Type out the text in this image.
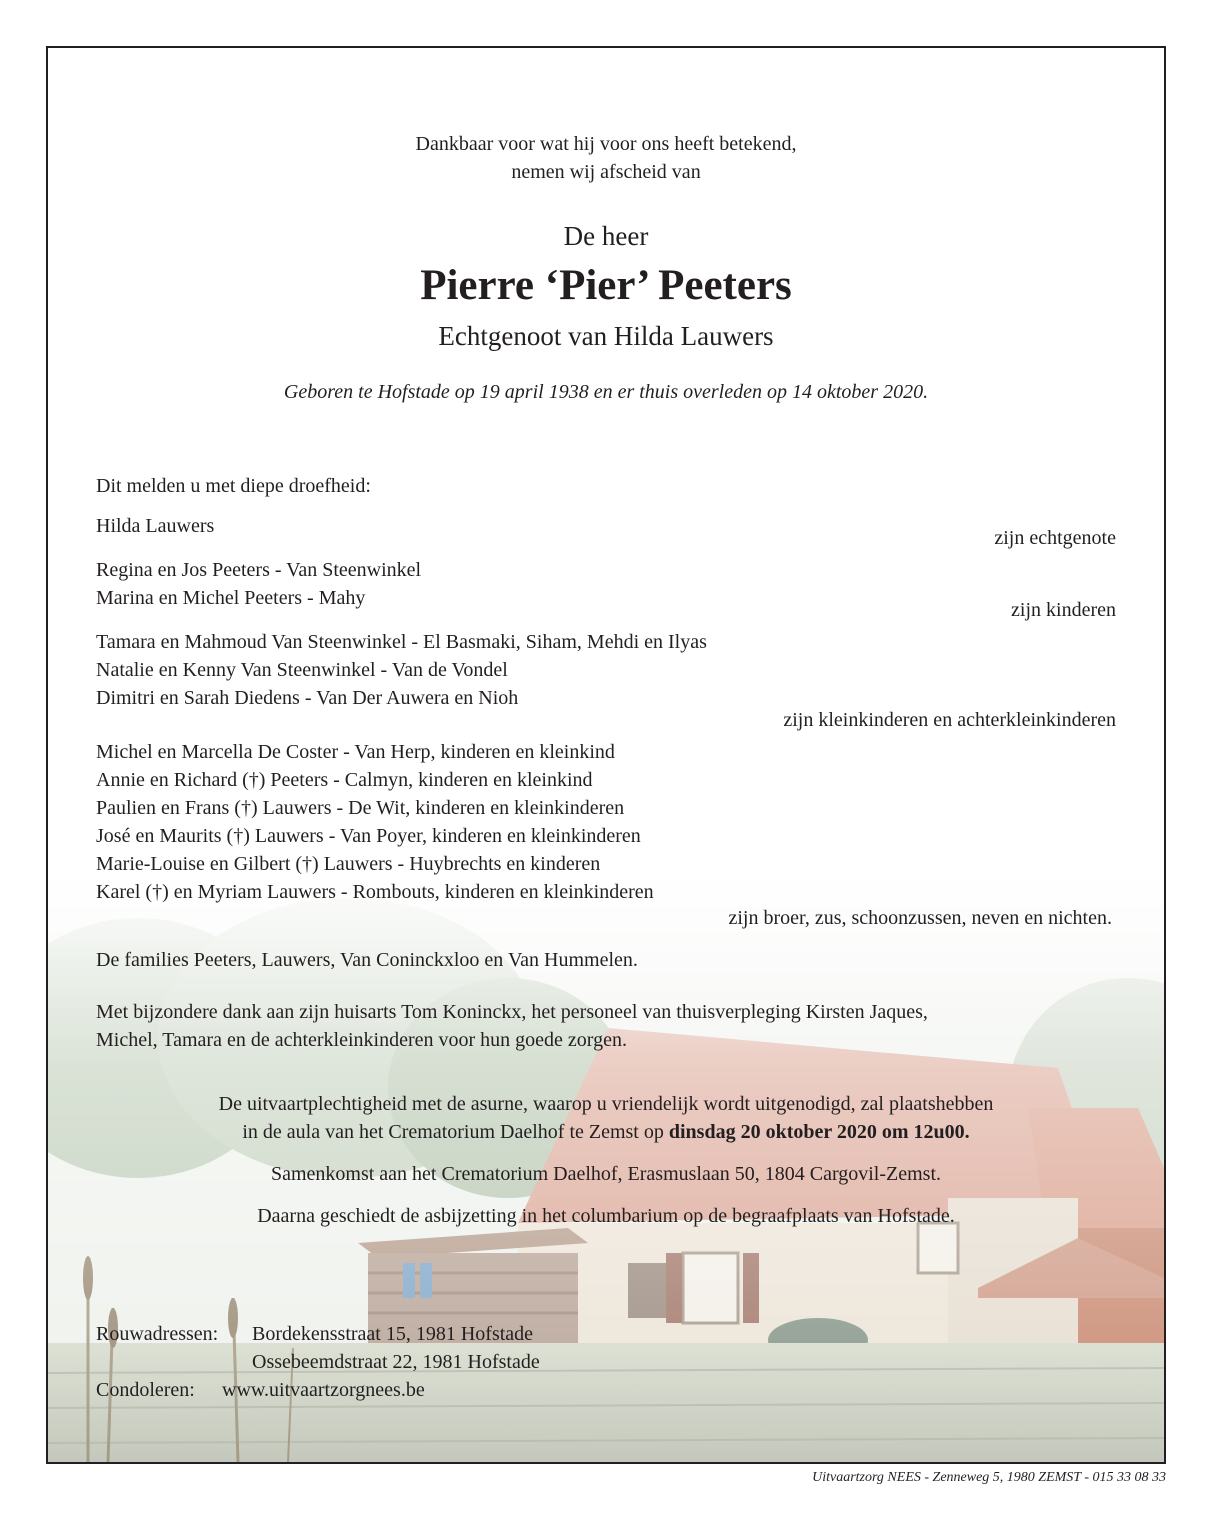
Dankbaar voor wat hij voor ons heeft betekend,

nemen wij afscheid van

De heer

Pierre ‘Pier’ Peeters

Echtgenoot van Hilda Lauwers

Geboren te Hofstade op 19 april 1938 en er thuis overleden op 14 oktober 2020.

Dit melden u met diepe droefheid:

Hilda Lauwers

zijn echtgenote

Regina en Jos Peeters - Van Steenwinkel

Marina en Michel Peeters - Mahy

zijn kinderen

Tamara en Mahmoud Van Steenwinkel - El Basmaki, Siham, Mehdi en Ilyas

Natalie en Kenny Van Steenwinkel - Van de Vondel

Dimitri en Sarah Diedens - Van Der Auwera en Nioh

zijn kleinkinderen en achterkleinkinderen

Michel en Marcella De Coster - Van Herp, kinderen en kleinkind

Annie en Richard (†) Peeters - Calmyn, kinderen en kleinkind

Paulien en Frans (†) Lauwers - De Wit, kinderen en kleinkinderen

José en Maurits (†) Lauwers - Van Poyer, kinderen en kleinkinderen

Marie-Louise en Gilbert (†) Lauwers - Huybrechts en kinderen

Karel (†) en Myriam Lauwers - Rombouts, kinderen en kleinkinderen

zijn broer, zus, schoonzussen, neven en nichten.

De families Peeters, Lauwers, Van Coninckxloo en Van Hummelen.

Met bijzondere dank aan zijn huisarts Tom Koninckx, het personeel van thuisverpleging Kirsten Jaques,

Michel, Tamara en de achterkleinkinderen voor hun goede zorgen.

De uitvaartplechtigheid met de asurne, waarop u vriendelijk wordt uitgenodigd, zal plaatshebben

in de aula van het Crematorium Daelhof te Zemst op dinsdag 20 oktober 2020 om 12u00.

Samenkomst aan het Crematorium Daelhof, Erasmuslaan 50, 1804 Cargovil-Zemst.

Daarna geschiedt de asbijzetting in het columbarium op de begraafplaats van Hofstade.

Rouwadressen: Bordekensstraat 15, 1981 Hofstade

Ossebeemdstraat 22, 1981 Hofstade

Condoleren: www.uitvaartzorgnees.be

Uitvaartzorg NEES - Zenneweg 5, 1980 ZEMST - 015 33 08 33
